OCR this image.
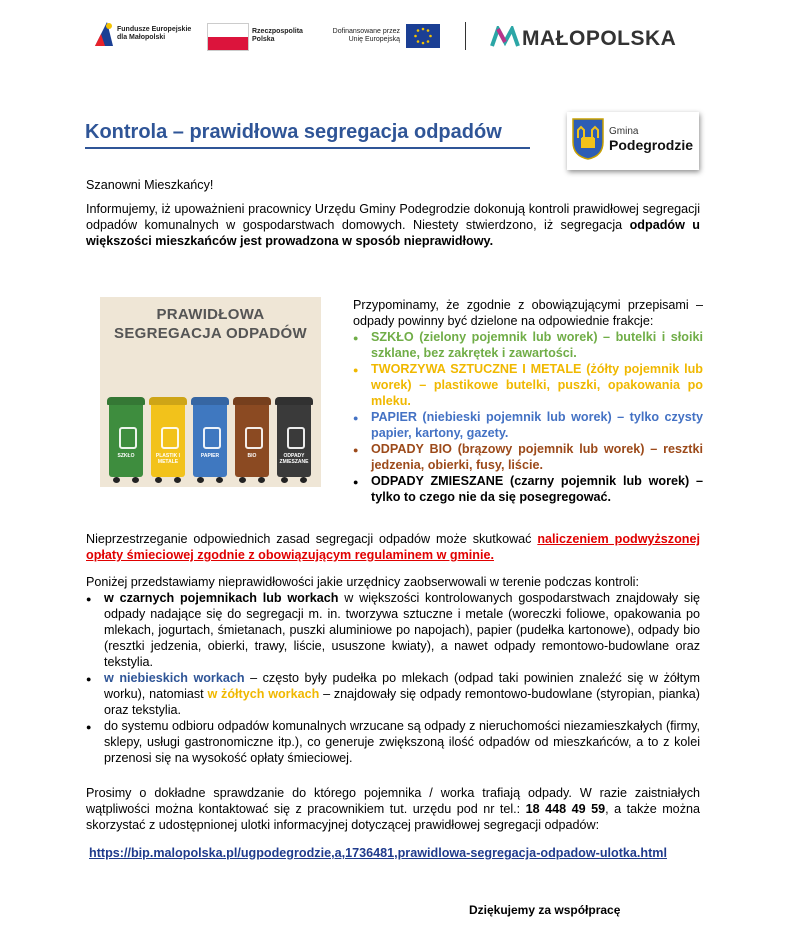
Fundusze Europejskie
dla Małopolski
Rzeczpospolita
Polska
Dofinansowane przez
Unię Europejską	MAŁOPOLSKA
Kontrola – prawidłowa segregacja odpadów	Gmina
Podegrodzie
Szanowni Mieszkańcy!
Informujemy, iż upoważnieni pracownicy Urzędu Gminy Podegrodzie dokonują kontroli prawidłowej segregacji odpadów komunalnych w gospodarstwach domowych. Niestety stwierdzono, iż segregacja odpadów u większości mieszkańców jest prowadzona w sposób nieprawidłowy.
PRAWIDŁOWA
SEGREGACJA ODPADÓW
SZKŁO	PLASTIK I METALE
PAPIER	BIO	ODPADY ZMIESZANE
Przypominamy, że zgodnie z obowiązującymi przepisami – odpady powinny być dzielone na odpowiednie frakcje:
● SZKŁO (zielony pojemnik lub worek) – butelki i słoiki szklane, bez zakrętek i zawartości.
● TWORZYWA SZTUCZNE I METALE (żółty pojemnik lub worek) – plastikowe butelki, puszki, opakowania po mleku.
● PAPIER (niebieski pojemnik lub worek) – tylko czysty papier, kartony, gazety.
● ODPADY BIO (brązowy pojemnik lub worek) – resztki jedzenia, obierki, fusy, liście.
● ODPADY ZMIESZANE (czarny pojemnik lub worek) – tylko to czego nie da się posegregować.
Nieprzestrzeganie odpowiednich zasad segregacji odpadów może skutkować naliczeniem podwyższonej opłaty śmieciowej zgodnie z obowiązującym regulaminem w gminie.
Poniżej przedstawiamy nieprawidłowości jakie urzędnicy zaobserwowali w terenie podczas kontroli:
● w czarnych pojemnikach lub workach w większości kontrolowanych gospodarstwach znajdowały się odpady nadające się do segregacji m. in. tworzywa sztuczne i metale (woreczki foliowe, opakowania po mlekach, jogurtach, śmietanach, puszki aluminiowe po napojach), papier (pudełka kartonowe), odpady bio (resztki jedzenia, obierki, trawy, liście, ususzone kwiaty), a nawet odpady remontowo-budowlane oraz tekstylia.
● w niebieskich workach – często były pudełka po mlekach (odpad taki powinien znaleźć się w żółtym worku), natomiast w żółtych workach – znajdowały się odpady remontowo-budowlane (styropian, pianka) oraz tekstylia.
● do systemu odbioru odpadów komunalnych wrzucane są odpady z nieruchomości niezamieszkałych (firmy, sklepy, usługi gastronomiczne itp.), co generuje zwiększoną ilość odpadów od mieszkańców, a to z kolei przenosi się na wysokość opłaty śmieciowej.
Prosimy o dokładne sprawdzanie do którego pojemnika / worka trafiają odpady. W razie zaistniałych wątpliwości można kontaktować się z pracownikiem tut. urzędu pod nr tel.: 18 448 49 59, a także można skorzystać z udostępnionej ulotki informacyjnej dotyczącej prawidłowej segregacji odpadów:
https://bip.malopolska.pl/ugpodegrodzie,a,1736481,prawidlowa-segregacja-odpadow-ulotka.html
Dziękujemy za współpracę
